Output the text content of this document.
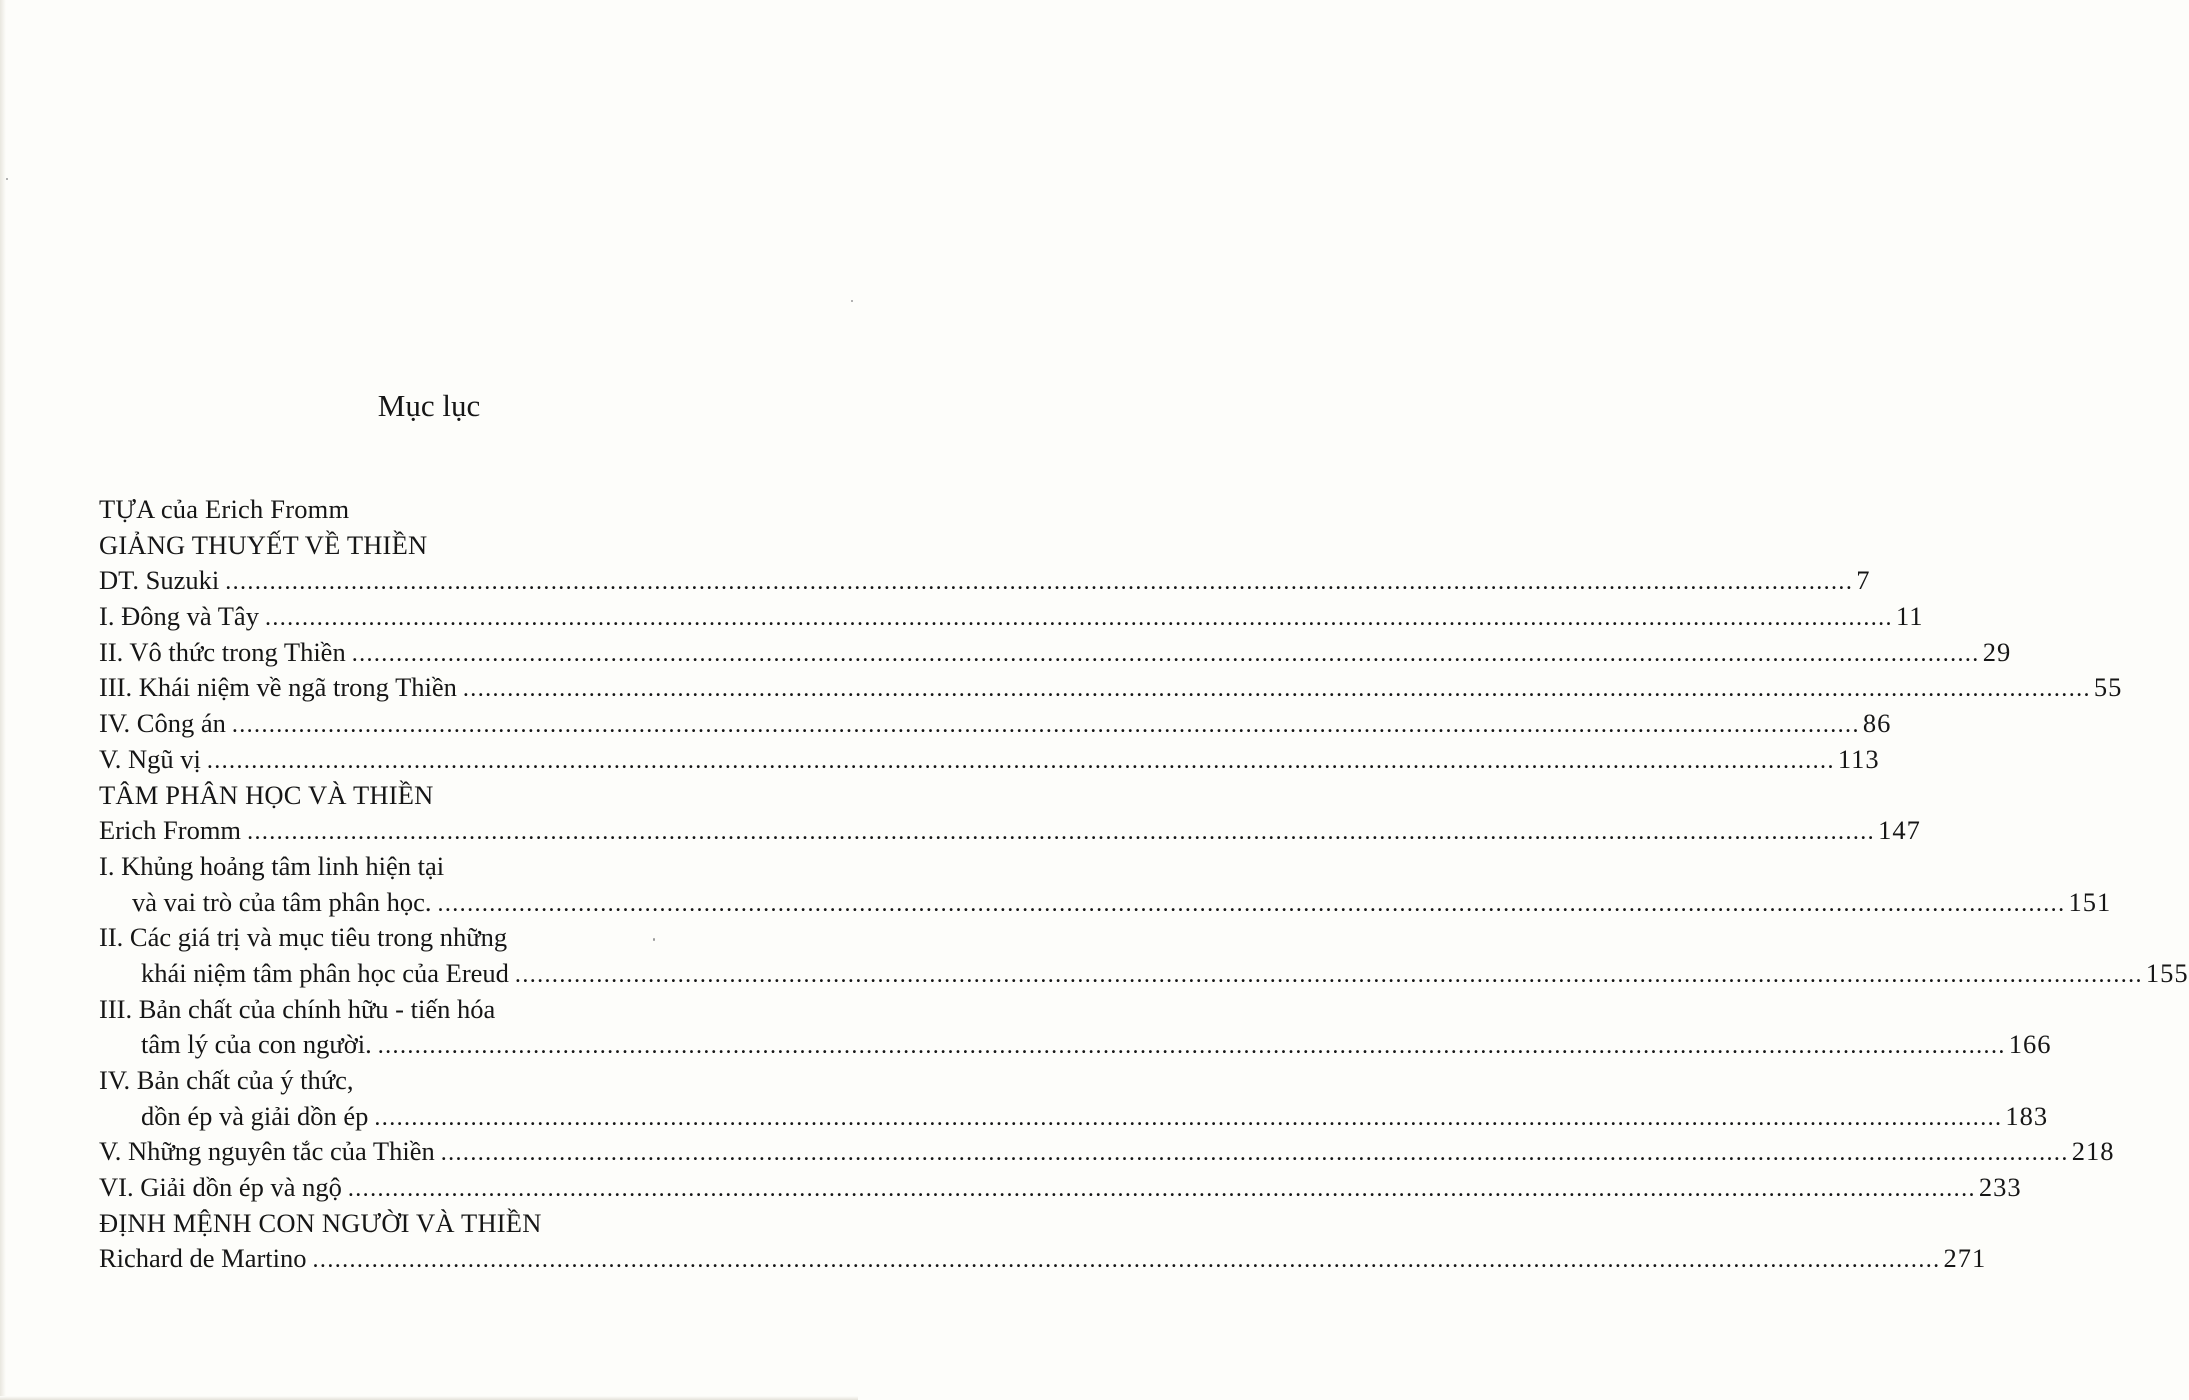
Mục lục
TỰA của Erich Fromm
GIẢNG THUYẾT VỀ THIỀN
DT. Suzuki ............................................................................................................................................................................................................................ 7
I. Đông và Tây ............................................................................................................................................................................................................................ 11
II. Vô thức trong Thiền ............................................................................................................................................................................................................................ 29
III. Khái niệm về ngã trong Thiền ............................................................................................................................................................................................................................ 55
IV. Công án ............................................................................................................................................................................................................................ 86
V. Ngũ vị ............................................................................................................................................................................................................................ 113
TÂM PHÂN HỌC VÀ THIỀN
Erich Fromm ............................................................................................................................................................................................................................ 147
I. Khủng hoảng tâm linh hiện tại
và vai trò của tâm phân học. ............................................................................................................................................................................................................................ 151
II. Các giá trị và mục tiêu trong những
khái niệm tâm phân học của Ereud ............................................................................................................................................................................................................................ 155
III. Bản chất của chính hữu - tiến hóa
tâm lý của con người. ............................................................................................................................................................................................................................ 166
IV. Bản chất của ý thức,
dồn ép và giải dồn ép ............................................................................................................................................................................................................................ 183
V. Những nguyên tắc của Thiền ............................................................................................................................................................................................................................ 218
VI. Giải dồn ép và ngộ ............................................................................................................................................................................................................................ 233
ĐỊNH MỆNH CON NGƯỜI VÀ THIỀN
Richard de Martino ............................................................................................................................................................................................................................ 271
